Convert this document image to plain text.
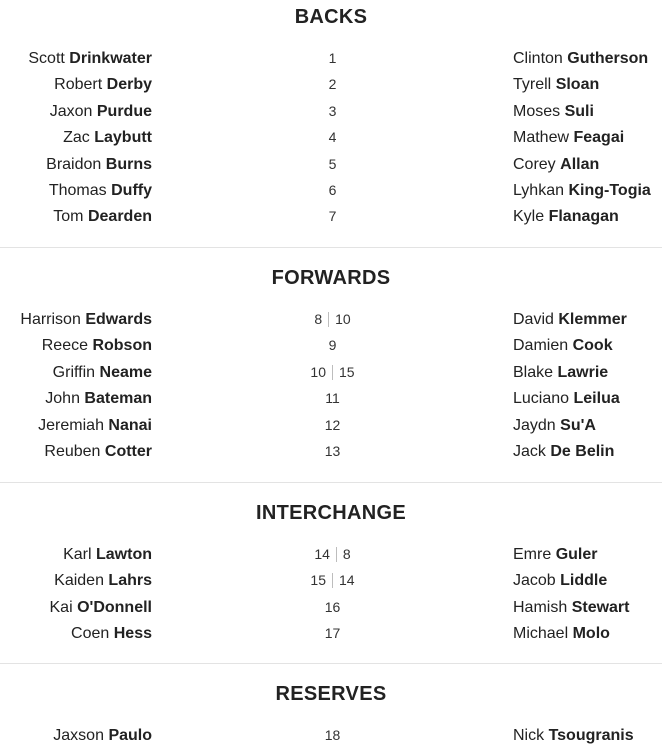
BACKS
Scott Drinkwater	1	Clinton Gutherson
Robert Derby	2	Tyrell Sloan
Jaxon Purdue	3	Moses Suli
Zac Laybutt	4	Mathew Feagai
Braidon Burns	5	Corey Allan
Thomas Duffy	6	Lyhkan King-Togia
Tom Dearden	7	Kyle Flanagan
FORWARDS
Harrison Edwards	8 10	David Klemmer
Reece Robson	9	Damien Cook
Griffin Neame	10 15	Blake Lawrie
John Bateman	11	Luciano Leilua
Jeremiah Nanai	12	Jaydn Su'A
Reuben Cotter	13	Jack De Belin
INTERCHANGE
Karl Lawton	14 8	Emre Guler
Kaiden Lahrs	15 14	Jacob Liddle
Kai O'Donnell	16	Hamish Stewart
Coen Hess	17	Michael Molo
RESERVES
Jaxson Paulo	18	Nick Tsougranis
